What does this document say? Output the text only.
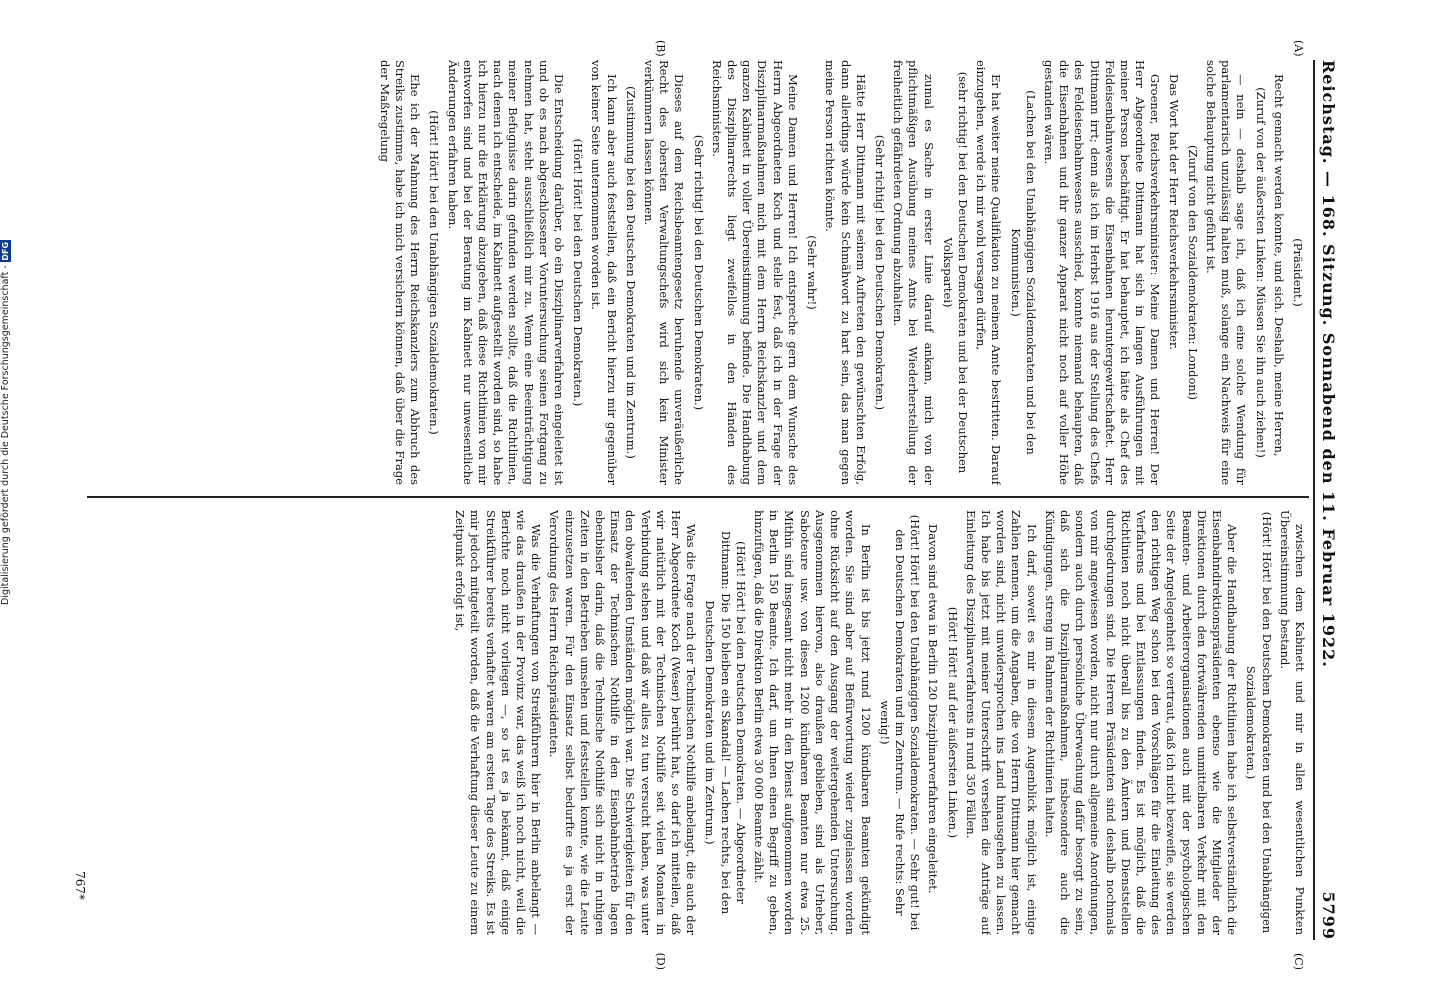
Reichstag. — 168. Sitzung. Sonnabend den 11. Februar 1922.
5799
(A)
(B)
(C)
(D)

(Präsident.)

Recht gemacht werden konnte, und sich. Deshalb, meine Herren,

(Zuruf von der äußersten Linken: Müssen Sie ihn auch ziehen!)

— nein — deshalb sage ich, daß ich eine solche Wendung für parlamentarisch unzulässig halten muß, solange ein Nachweis für eine solche Behauptung nicht geführt ist.

(Zuruf von den Sozialdemokraten: Londoni)

Das Wort hat der Herr Reichsverkehrsminister.

Groener, Reichsverkehrsminister: Meine Damen und Herren! Der Herr Abgeordnete Dittmann hat sich in langen Ausführungen mit meiner Person beschäftigt. Er hat behauptet, ich hätte als Chef des Feldeisenbahnwesens die Eisenbahnen heruntergewirtschaftet. Herr Dittmann irrt; denn als ich im Herbst 1916 aus der Stellung des Chefs des Feldeisenbahnwesens ausschied, konnte niemand behaupten, daß die Eisenbahnen und ihr ganzer Apparat nicht noch auf voller Höhe gestanden wären.

(Lachen bei den Unabhängigen Sozialdemokraten und bei den Kommunisten.)

Er hat weiter meine Qualifikation zu meinem Amte bestritten. Darauf einzugehen, werde ich mir wohl versagen dürfen,

(sehr richtig! bei den Deutschen Demokraten und bei der Deutschen Volkspartei)

zumal es Sache in erster Linie darauf ankam, mich von der pflichtmäßigen Ausübung meines Amts bei Wiederherstellung der freiheitlich gefährdeten Ordnung abzuhalten.

(Sehr richtig! bei den Deutschen Demokraten.)

Hätte Herr Dittmann mit seinem Auftreten den gewünschten Erfolg, dann allerdings würde kein Schmähwort zu hart sein, das man gegen meine Person richten könnte.

(Sehr wahr!)

Meine Damen und Herren! Ich entspreche gern dem Wunsche des Herrn Abgeordneten Koch und stelle fest, daß ich in der Frage der Disziplinarmaßnahmen mich mit dem Herrn Reichskanzler und dem ganzen Kabinett in voller Übereinstimmung befinde. Die Handhabung des Disziplinarrechts liegt zweifellos in den Händen des Reichsministers.

(Sehr richtig! bei den Deutschen Demokraten.)

Dieses auf dem Reichsbeamtengesetz beruhende unveräußerliche Recht des obersten Verwaltungschefs wird sich kein Minister verkümmern lassen können.

(Zustimmung bei den Deutschen Demokraten und im Zentrum.)

Ich kann aber auch feststellen, daß ein Bericht hierzu mir gegenüber von keiner Seite unternommen worden ist.

(Hört! Hört! bei den Deutschen Demokraten.)

Die Entscheidung darüber, ob ein Disziplinarverfahren eingeleitet ist und ob es nach abgeschlossener Voruntersuchung seinen Fortgang zu nehmen hat, steht ausschließlich mir zu. Wenn eine Beeinträchtigung meiner Befugnisse darin gefunden werden sollte, daß die Richtlinien, nach denen ich entscheide, im Kabinett aufgestellt worden sind, so habe ich hierzu nur die Erklärung abzugeben, daß diese Richtlinien von mir entworfen sind und bei der Beratung im Kabinett nur unwesentliche Änderungen erfahren haben.

(Hört! Hört! bei den Unabhängigen Sozialdemokraten.)

Ehe ich der Mahnung des Herrn Reichskanzlers zum Abbruch des Streiks zustimme, habe ich mich versichern können, daß über die Frage der Maßregelung

zwischen dem Kabinett und mir in allen wesentlichen Punkten Übereinstimmung bestand.

(Hört! Hört! bei den Deutschen Demokraten und bei den Unabhängigen Sozialdemokraten.)

Aber die Handhabung der Richtlinien habe ich selbstverständlich die Eisenbahndirektionspräsidenten ebenso wie die Mitglieder der Direktionen durch den fortwährenden unmittelbaren Verkehr mit den Beamten- und Arbeiterorganisationen auch mit der psychologischen Seite der Angelegenheit so vertraut, daß ich nicht bezweifle, sie werden den richtigen Weg schon bei den Vorschlägen für die Einleitung des Verfahrens und bei Entlassungen finden. Es ist möglich, daß die Richtlinien noch nicht überall bis zu den Ämtern und Dienststellen durchgedrungen sind. Die Herren Präsidenten sind deshalb nochmals von mir angewiesen worden, nicht nur durch allgemeine Anordnungen, sondern auch durch persönliche Überwachung dafür besorgt zu sein, daß sich die Disziplinarmaßnahmen, insbesondere auch die Kündigungen, streng im Rahmen der Richtlinien halten.

Ich darf, soweit es mir in diesem Augenblick möglich ist, einige Zahlen nennen, um die Angaben, die von Herrn Dittmann hier gemacht worden sind, nicht unwidersprochen ins Land hinausgehen zu lassen. Ich habe bis jetzt mit meiner Unterschrift versehen die Anträge auf Einleitung des Disziplinarverfahrens in rund 350 Fällen.

(Hört! Hört! auf der äußersten Linken.)

Davon sind etwa in Berlin 120 Disziplinarverfahren eingeleitet.

(Hört! Hört! bei den Unabhängigen Sozialdemokraten. — Sehr gut! bei den Deutschen Demokraten und im Zentrum. — Rufe rechts: Sehr wenig!)

In Berlin ist bis jetzt rund 1200 kündbaren Beamten gekündigt worden. Sie sind aber auf Befürwortung wieder zugelassen worden ohne Rücksicht auf den Ausgang der weitergehenden Untersuchung. Ausgenommen hiervon, also draußen geblieben, sind als Urheber, Saboteure usw. von diesen 1200 kündbaren Beamten nur etwa 25. Mithin sind insgesamt nicht mehr in den Dienst aufgenommen worden in Berlin 150 Beamte. Ich darf, um Ihnen einen Begriff zu geben, hinzufügen, daß die Direktion Berlin etwa 30 000 Beamte zählt.

(Hört! Hört! bei den Deutschen Demokraten. — Abgeordneter Dittmann: Die 150 bleiben ein Skandal! — Lachen rechts, bei den Deutschen Demokraten und im Zentrum.)

Was die Frage nach der Technischen Nothilfe anbelangt, die auch der Herr Abgeordnete Koch (Weser) berührt hat, so darf ich mitteilen, daß wir natürlich mit der Technischen Nothilfe seit vielen Monaten in Verbindung stehen und daß wir alles zu tun versucht haben, was unter den obwaltenden Umständen möglich war. Die Schwierigkeiten für den Einsatz der Technischen Nothilfe in den Eisenbahnbetrieb lagen ebenbisher darin, daß die Technische Nothilfe sich nicht in ruhigen Zeiten in den Betrieben umsehen und feststellen konnte, wie die Leute einzusetzen waren. Für den Einsatz selbst bedurfte es ja erst der Verordnung des Herrn Reichspräsidenten.

Was die Verhaftungen von Streikführern hier in Berlin anbelangt — wie das draußen in der Provinz war, das weiß ich noch nicht, weil die Berichte noch nicht vorliegen —, so ist es ja bekannt, daß einige Streikführer bereits verhaftet waren am ersten Tage des Streiks. Es ist mir jedoch mitgeteilt worden, daß die Verhaftung dieser Leute zu einem Zeitpunkt erfolgt ist,

767*
Digitalisierung gefördert durch die Deutsche Forschungsgemeinschaft -DFG
